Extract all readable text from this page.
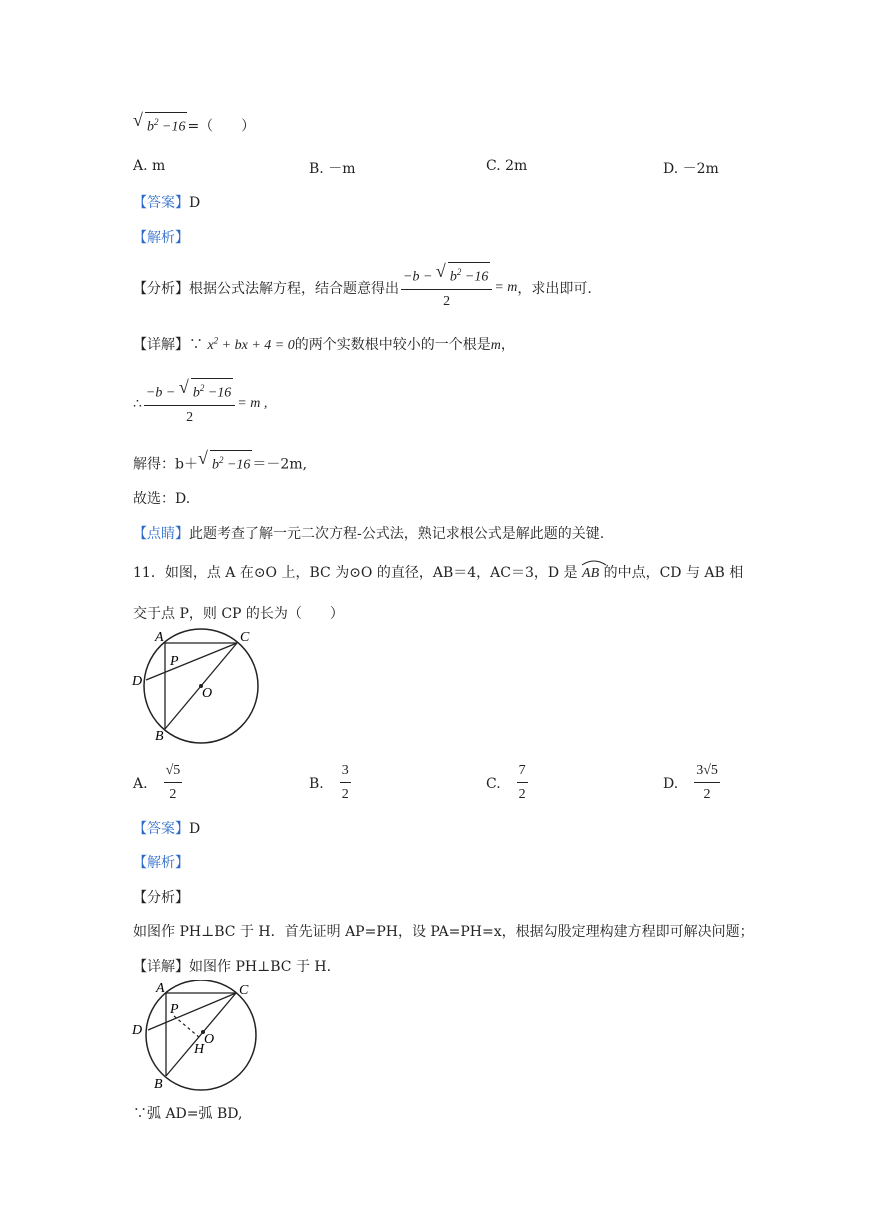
√ $b^2 -16$ =（　　）
A. m	B. －m	C. 2m	D. －2m
【答案】D
【解析】
【分析】 根据公式法解方程，结合题意得出 $\frac{-b - √ b^2 -16}{2} = m$ ，求出即可.
【详解】∵ $x^2$ + bx + 4 = 0的两个实数根中较小的一个根是m，
∴ $\frac{-b - √ b^2 -16}{2} = m$ ,
解得：b＋ √ $b^2 -16 =-2m$,
故选：D.
【点睛】此题考查了解一元二次方程-公式法，熟记求根公式是解此题的关键.
11．如图，点 A 在⊙O 上，BC 为⊙O 的直径，AB＝4，AC＝3，D 是 AB 的中点，CD 与 AB 相
交于点 P，则 CP 的长为（　　）
A
B
C
D
O
P
A. $\frac{√5}{2}$	B. $\frac{3}{2}$	C. $\frac{7}{2}$	D. $\frac{3√5}{2}$
【答案】D
【解析】
【分析】
如图作 PH⊥BC 于 H．首先证明 AP=PH，设 PA=PH=x，根据勾股定理构建方程即可解决问题；
【详解】如图作 PH⊥BC 于 H.
A
B
C
D
O
P
H
∵弧 AD=弧 BD,
